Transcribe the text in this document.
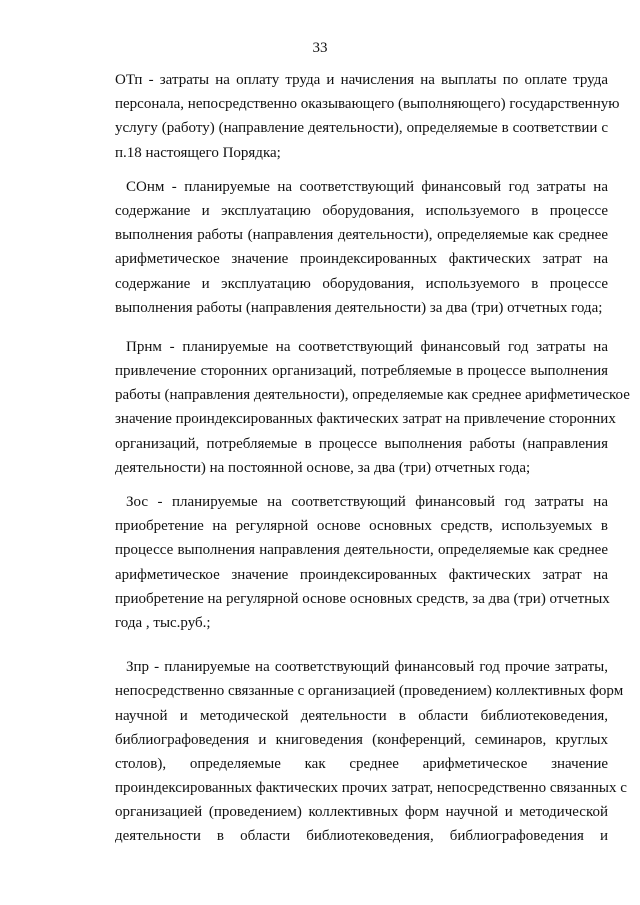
33
ОТп - затраты на оплату труда и начисления на выплаты по оплате труда
персонала, непосредственно оказывающего (выполняющего) государственную
услугу (работу) (направление деятельности), определяемые в соответствии с
п.18 настоящего Порядка;
СОнм - планируемые на соответствующий финансовый год затраты на
содержание и эксплуатацию оборудования, используемого в процессе
выполнения работы (направления деятельности), определяемые как среднее
арифметическое значение проиндексированных фактических затрат на
содержание и эксплуатацию оборудования, используемого в процессе
выполнения работы (направления деятельности) за два (три) отчетных года;
Прнм - планируемые на соответствующий финансовый год затраты на
привлечение сторонних организаций, потребляемые в процессе выполнения
работы (направления деятельности), определяемые как среднее арифметическое
значение проиндексированных фактических затрат на привлечение сторонних
организаций, потребляемые в процессе выполнения работы (направления
деятельности) на постоянной основе, за два (три) отчетных года;
Зос - планируемые на соответствующий финансовый год затраты на
приобретение на регулярной основе основных средств, используемых в
процессе выполнения направления деятельности, определяемые как среднее
арифметическое значение проиндексированных фактических затрат на
приобретение на регулярной основе основных средств, за два (три) отчетных
года , тыс.руб.;
Зпр - планируемые на соответствующий финансовый год прочие затраты,
непосредственно связанные с организацией (проведением) коллективных форм
научной и методической деятельности в области библиотековедения,
библиографоведения и книговедения (конференций, семинаров, круглых
столов), определяемые как среднее арифметическое значение
проиндексированных фактических прочих затрат, непосредственно связанных с
организацией (проведением) коллективных форм научной и методической
деятельности в области библиотековедения, библиографоведения и
